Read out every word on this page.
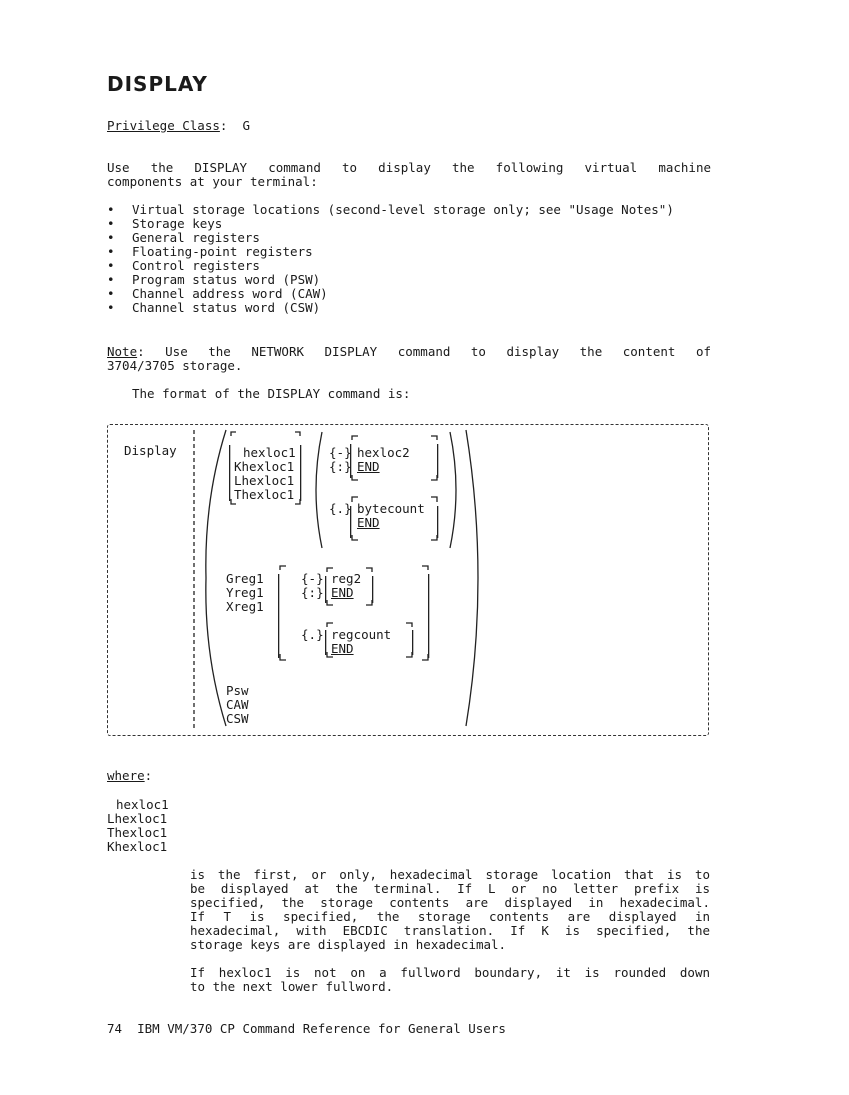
DISPLAY
Privilege Class: G
Use the DISPLAY command to display the following virtual machine
components at your terminal:
• Virtual storage locations (second-level storage only; see "Usage Notes")
• Storage keys
• General registers
• Floating-point registers
• Control registers
• Program status word (PSW)
• Channel address word (CAW)
• Channel status word (CSW)
Note: Use the NETWORK DISPLAY command to display the content of
3704/3705 storage.
The format of the DISPLAY command is:
Display	hexloc1
Khexloc1
Lhexloc1
Thexloc1
{-}
{:}
hexloc2
END
{.} bytecount
END
Greg1
Yreg1
Xreg1
{-}
{:}
reg2
END
{.} regcount
END
Psw
CAW
CSW
where:
hexloc1
Lhexloc1
Thexloc1
Khexloc1
is the first, or only, hexadecimal storage location that is to
be displayed at the terminal. If L or no letter prefix is
specified, the storage contents are displayed in hexadecimal.
If T is specified, the storage contents are displayed in
hexadecimal, with EBCDIC translation. If K is specified, the
storage keys are displayed in hexadecimal.
If hexloc1 is not on a fullword boundary, it is rounded down
to the next lower fullword.
74 IBM VM/370 CP Command Reference for General Users
